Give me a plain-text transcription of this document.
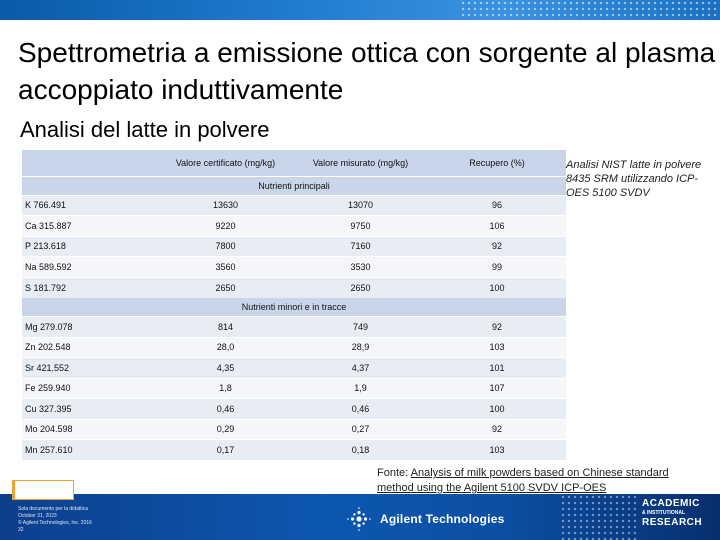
Spettrometria a emissione ottica con sorgente al plasma accoppiato induttivamente
Analisi del latte in polvere
	Valore certificato (mg/kg)	Valore misurato (mg/kg)	Recupero (%)
Nutrienti principali			
K 766.491	13630	13070	96
Ca 315.887	9220	9750	106
P 213.618	7800	7160	92
Na 589.592	3560	3530	99
S 181.792	2650	2650	100
Nutrienti minori e in tracce			
Mg 279.078	814	749	92
Zn 202.548	28,0	28,9	103
Sr 421.552	4,35	4,37	101
Fe 259.940	1,8	1,9	107
Cu 327.395	0,46	0,46	100
Mo 204.598	0,29	0,27	92
Mn 257.610	0,17	0,18	103
Analisi NIST latte in polvere 8435 SRM utilizzando ICP-OES 5100 SVDV
Fonte: Analysis of milk powders based on Chinese standard method using the Agilent 5100 SVDV ICP-OES
Sola documento per la didattica
October 31, 2023
© Agilent Technologies, Inc. 2016
32
Agilent Technologies
ACADEMIC
& INSTITUTIONAL
RESEARCH
